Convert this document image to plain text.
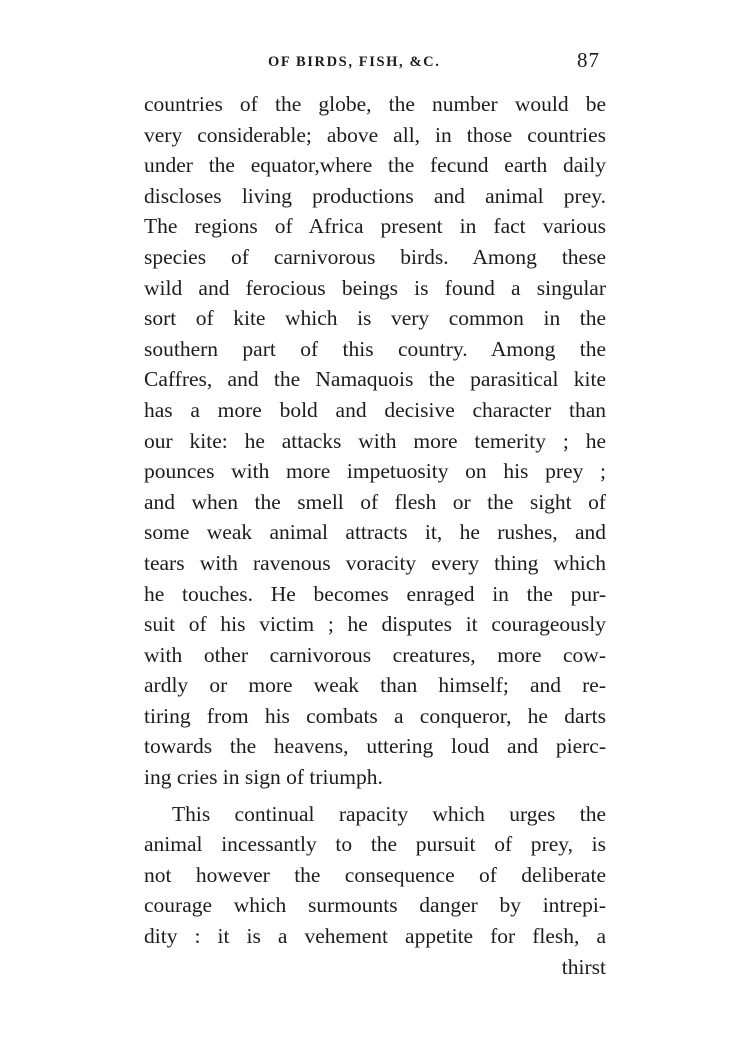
OF BIRDS, FISH, &C.	87
countries of the globe, the number would be
very considerable; above all, in those countries
under the equator,where the fecund earth daily
discloses living productions and animal prey.
The regions of Africa present in fact various
species of carnivorous birds. Among these
wild and ferocious beings is found a singular
sort of kite which is very common in the
southern part of this country. Among the
Caffres, and the Namaquois the parasitical kite
has a more bold and decisive character than
our kite: he attacks with more temerity ; he
pounces with more impetuosity on his prey ;
and when the smell of flesh or the sight of
some weak animal attracts it, he rushes, and
tears with ravenous voracity every thing which
he touches. He becomes enraged in the pur-
suit of his victim ; he disputes it courageously
with other carnivorous creatures, more cow-
ardly or more weak than himself; and re-
tiring from his combats a conqueror, he darts
towards the heavens, uttering loud and pierc-
ing cries in sign of triumph.
This continual rapacity which urges the
animal incessantly to the pursuit of prey, is
not however the consequence of deliberate
courage which surmounts danger by intrepi-
dity : it is a vehement appetite for flesh, a
thirst
